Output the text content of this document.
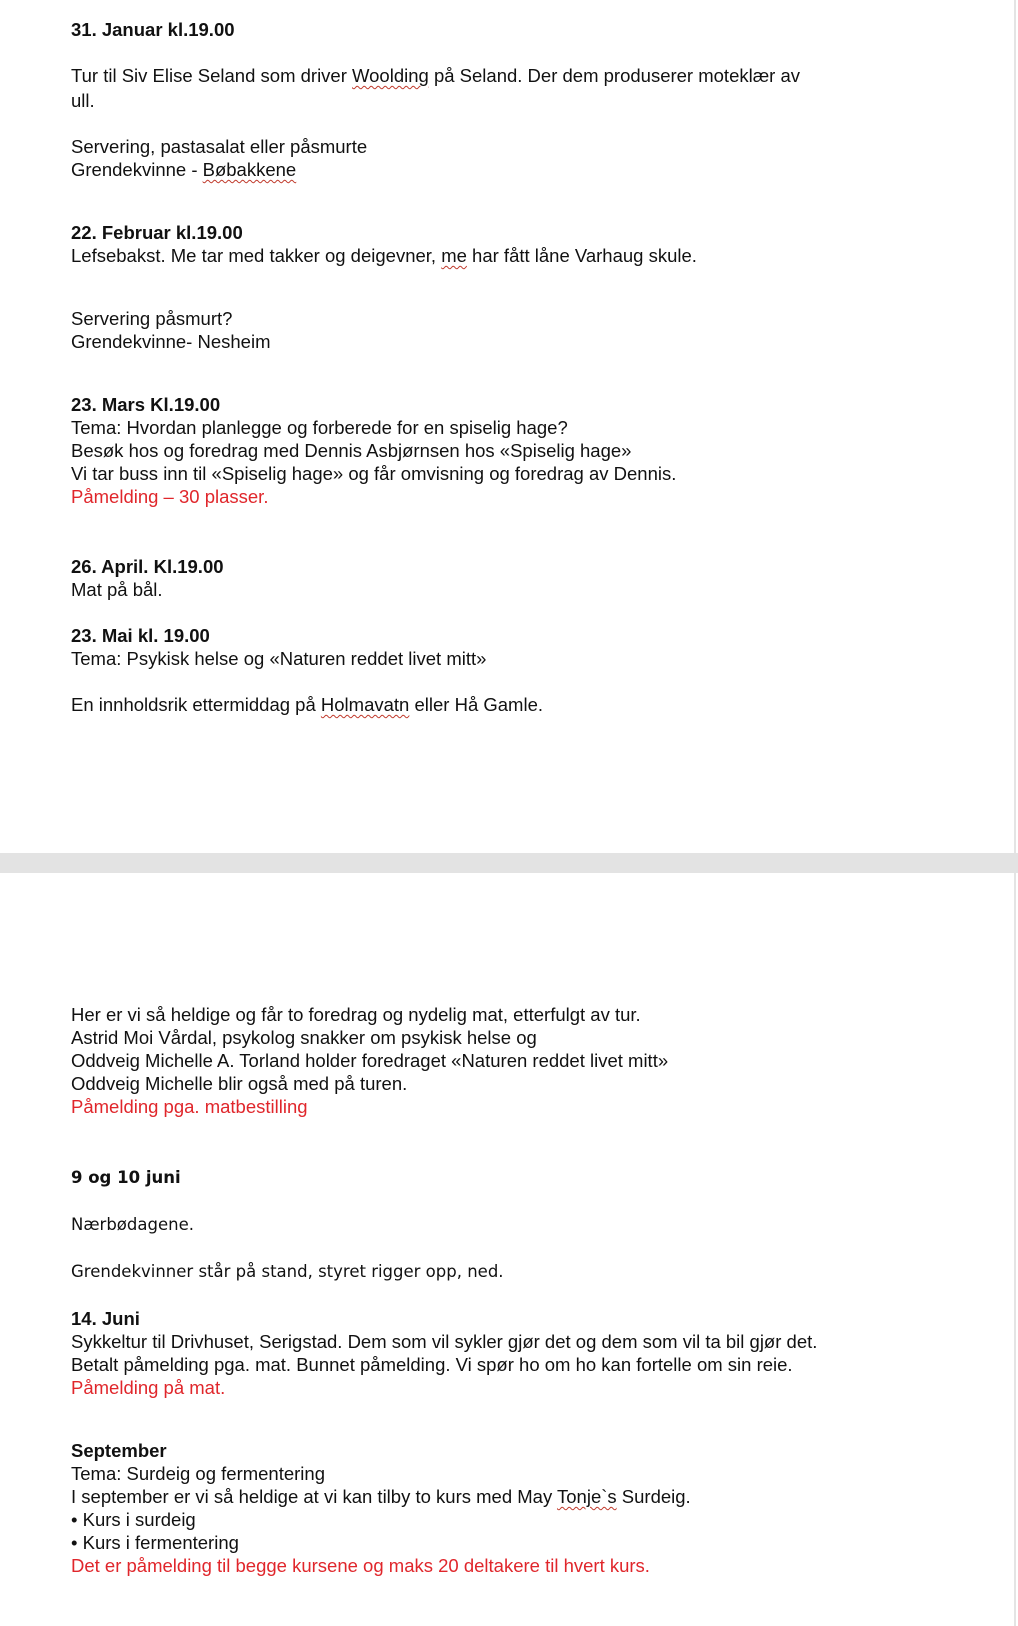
31. Januar kl.19.00
Tur til Siv Elise Seland som driver Woolding på Seland. Der dem produserer moteklær av
ull.
Servering, pastasalat eller påsmurte
Grendekvinne - Bøbakkene
22. Februar kl.19.00
Lefsebakst. Me tar med takker og deigevner, me har fått låne Varhaug skule.
Servering påsmurt?
Grendekvinne- Nesheim
23. Mars Kl.19.00
Tema: Hvordan planlegge og forberede for en spiselig hage?
Besøk hos og foredrag med Dennis Asbjørnsen hos «Spiselig hage»
Vi tar buss inn til «Spiselig hage» og får omvisning og foredrag av Dennis.
Påmelding – 30 plasser.
26. April. Kl.19.00
Mat på bål.
23. Mai kl. 19.00
Tema: Psykisk helse og «Naturen reddet livet mitt»
En innholdsrik ettermiddag på Holmavatn eller Hå Gamle.
Her er vi så heldige og får to foredrag og nydelig mat, etterfulgt av tur.
Astrid Moi Vårdal, psykolog snakker om psykisk helse og
Oddveig Michelle A. Torland holder foredraget «Naturen reddet livet mitt»
Oddveig Michelle blir også med på turen.
Påmelding pga. matbestilling
9 og 10 juni
Nærbødagene.
Grendekvinner står på stand, styret rigger opp, ned.
14. Juni
Sykkeltur til Drivhuset, Serigstad. Dem som vil sykler gjør det og dem som vil ta bil gjør det.
Betalt påmelding pga. mat. Bunnet påmelding. Vi spør ho om ho kan fortelle om sin reie.
Påmelding på mat.
September
Tema: Surdeig og fermentering
I september er vi så heldige at vi kan tilby to kurs med May Tonje`s Surdeig.
• Kurs i surdeig
• Kurs i fermentering
Det er påmelding til begge kursene og maks 20 deltakere til hvert kurs.
